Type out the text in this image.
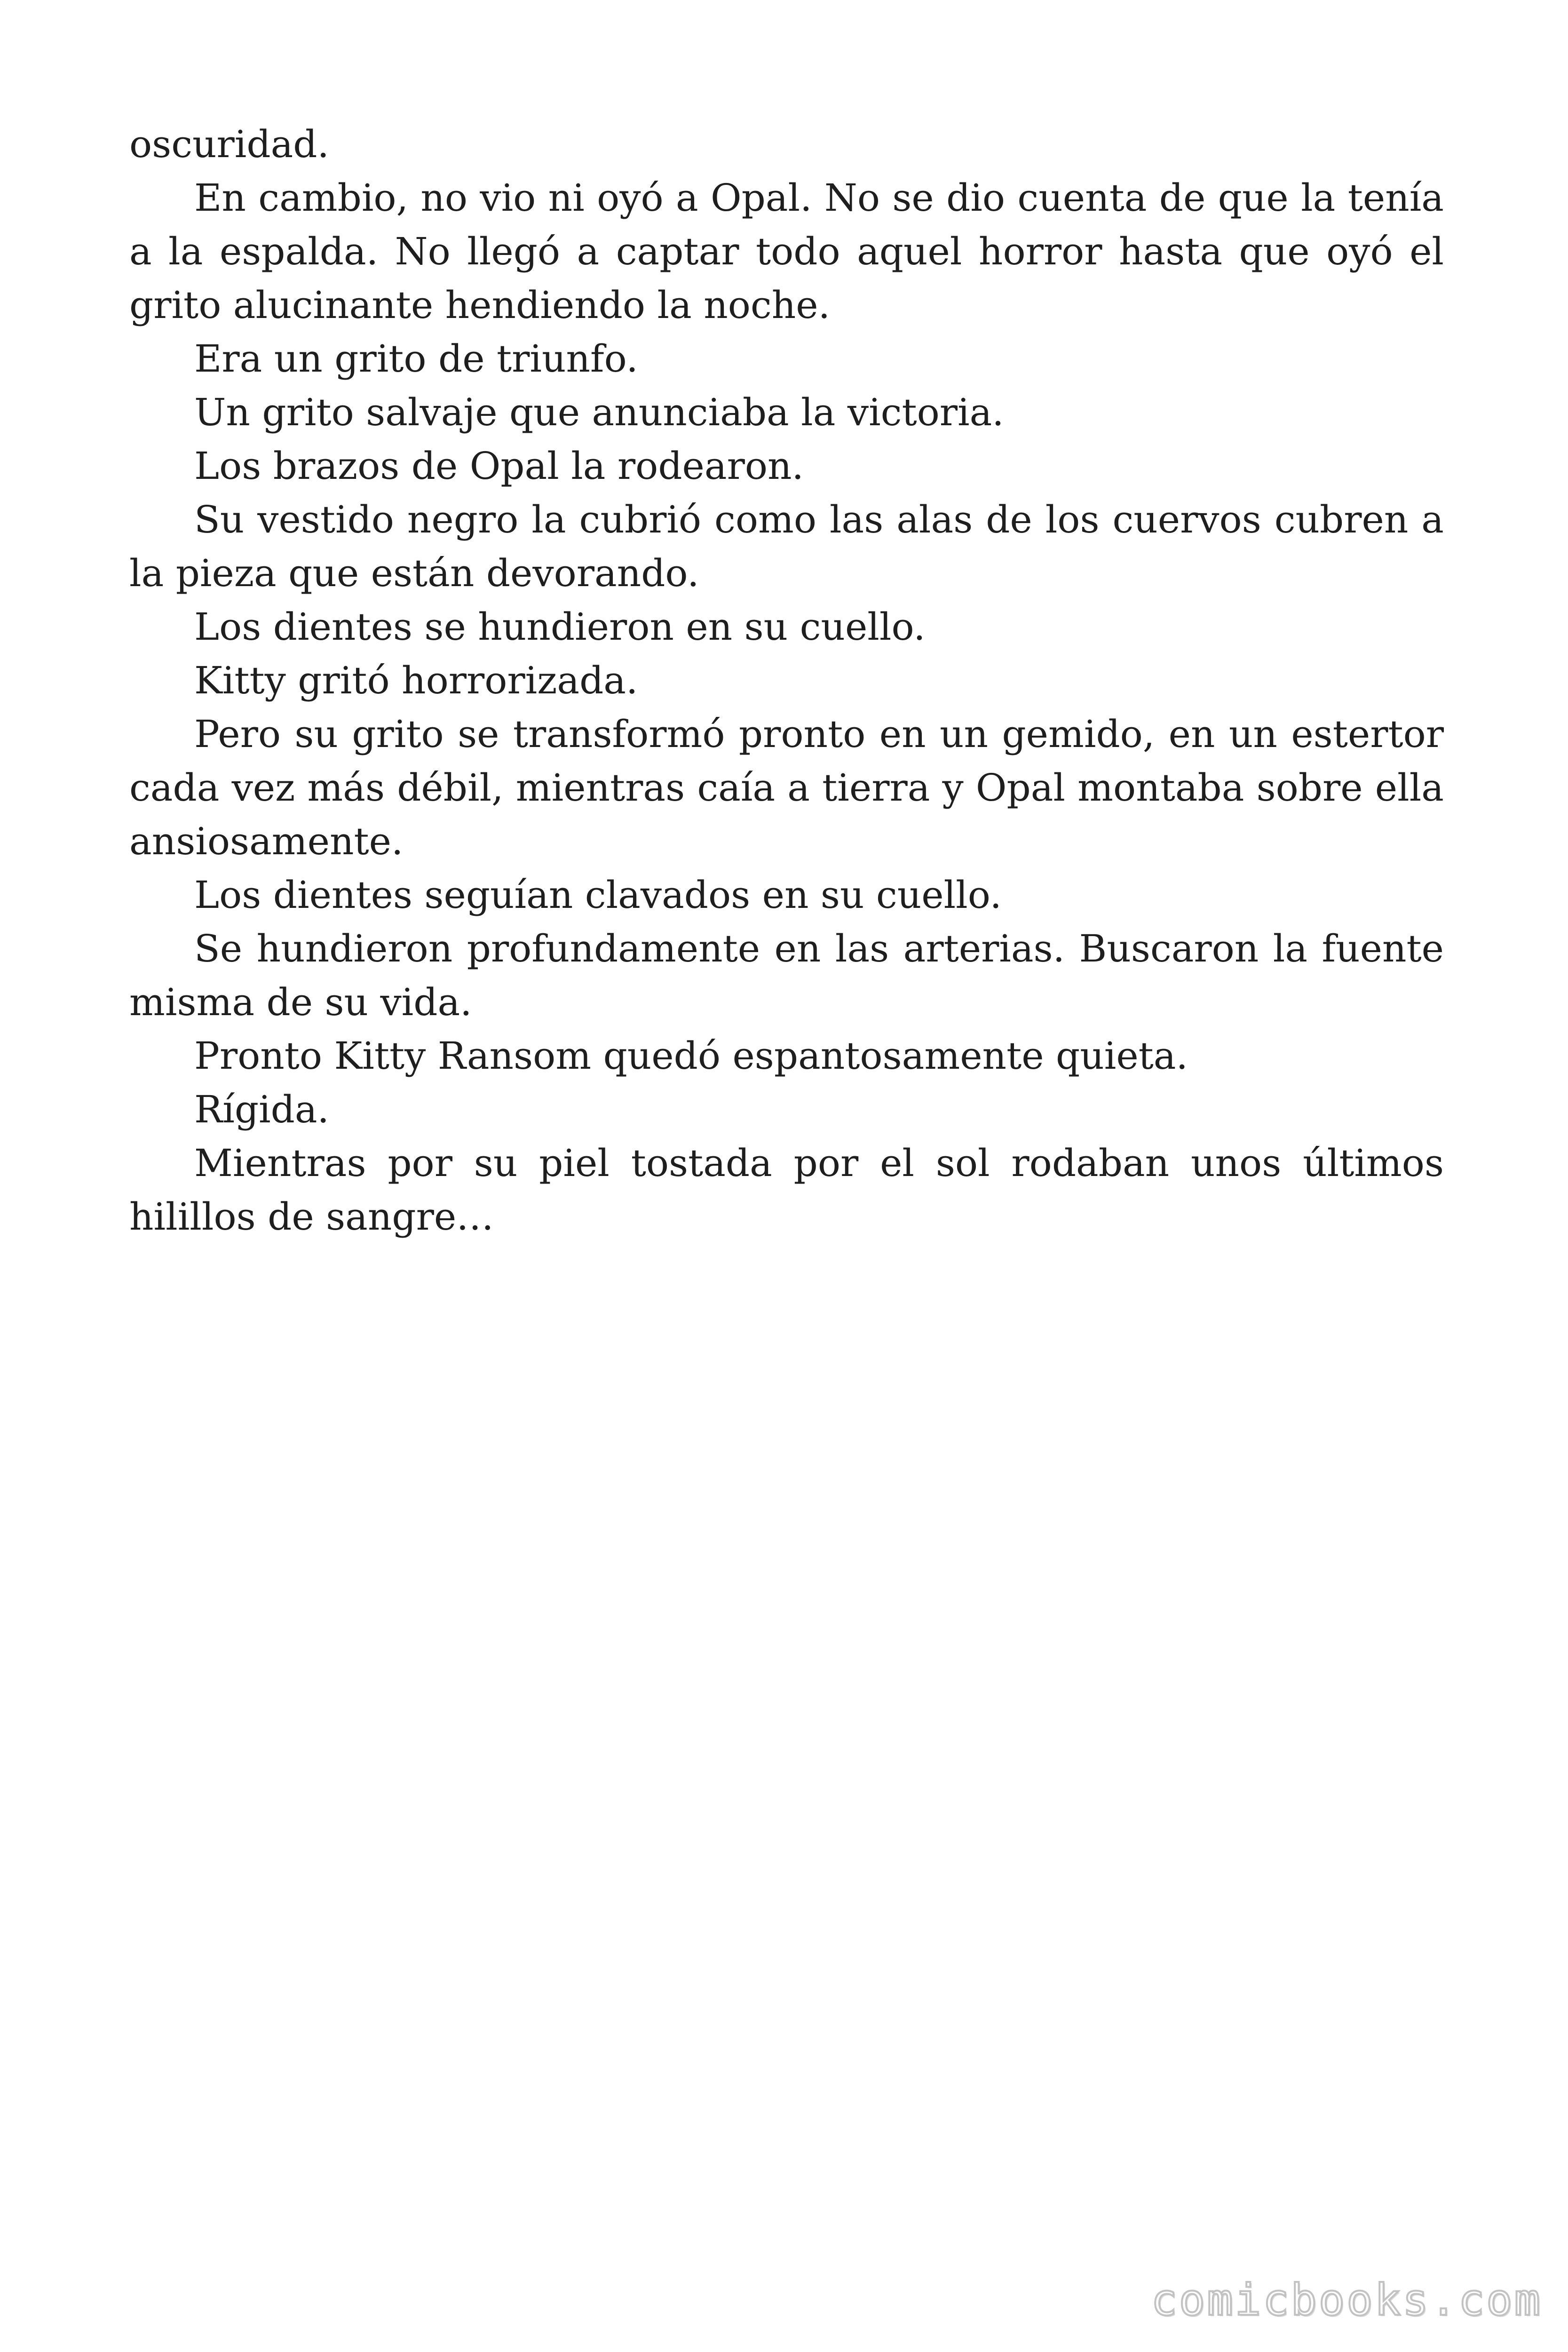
oscuridad.

En cambio, no vio ni oyó a Opal. No se dio cuenta de que la tenía a la espalda. No llegó a captar todo aquel horror hasta que oyó el grito alucinante hendiendo la noche.

Era un grito de triunfo.

Un grito salvaje que anunciaba la victoria.

Los brazos de Opal la rodearon.

Su vestido negro la cubrió como las alas de los cuervos cubren a la pieza que están devorando.

Los dientes se hundieron en su cuello.

Kitty gritó horrorizada.

Pero su grito se transformó pronto en un gemido, en un estertor cada vez más débil, mientras caía a tierra y Opal montaba sobre ella ansiosamente.

Los dientes seguían clavados en su cuello.

Se hundieron profundamente en las arterias. Buscaron la fuente misma de su vida.

Pronto Kitty Ransom quedó espantosamente quieta.

Rígida.

Mientras por su piel tostada por el sol rodaban unos últimos hilillos de sangre…

comicbooks.com
